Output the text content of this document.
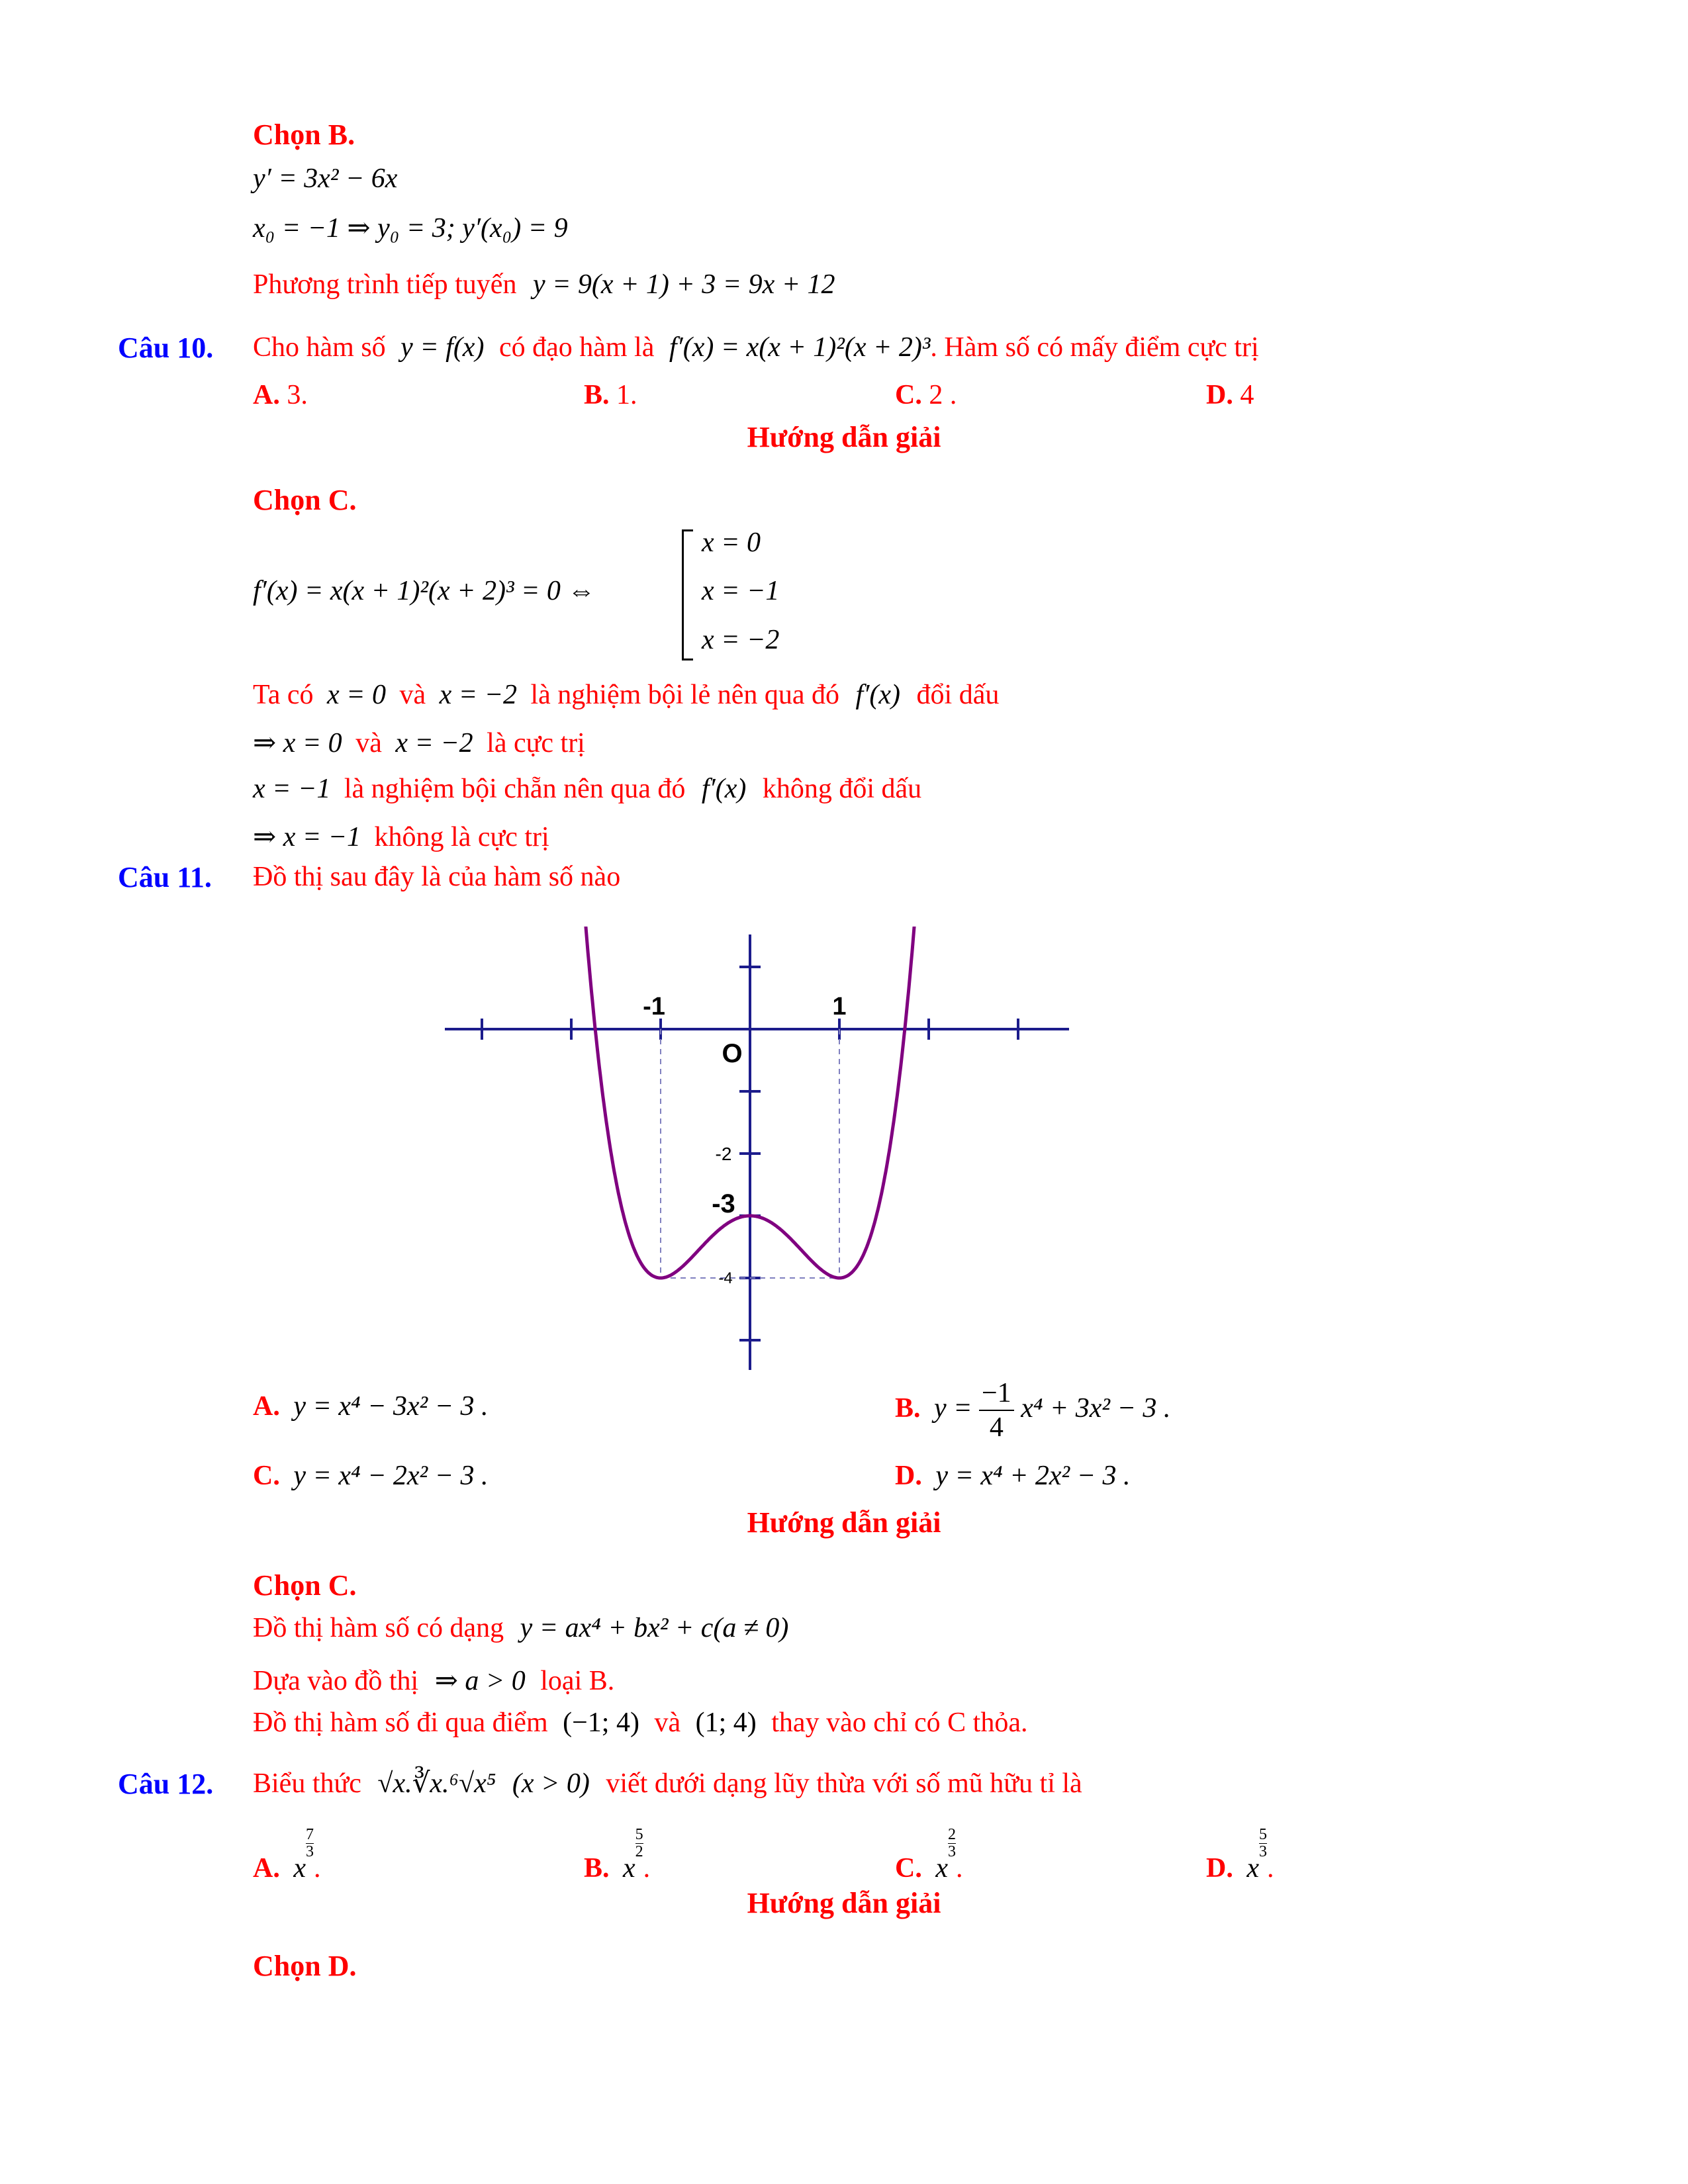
Chọn B.
y′ = 3x² − 6x
x₀ = −1 ⇒ y₀ = 3; y′(x₀) = 9
Phương trình tiếp tuyến y = 9(x + 1) + 3 = 9x + 12
Câu 10. Cho hàm số y = f(x) có đạo hàm là f′(x) = x(x + 1)²(x + 2)³. Hàm số có mấy điểm cực trị
A. 3.	B. 1.	C. 2 .	D. 4
Hướng dẫn giải
Chọn C.
f′(x) = x(x + 1)²(x + 2)³ = 0 ⇔
x = 0
x = −1
x = −2
Ta có x = 0 và x = −2 là nghiệm bội lẻ nên qua đó f′(x) đổi dấu
⇒ x = 0 và x = −2 là cực trị
x = −1 là nghiệm bội chẵn nên qua đó f′(x) không đổi dấu
⇒ x = −1 không là cực trị
Câu 11. Đồ thị sau đây là của hàm số nào
-1	1
O
-2
-3
-4
A. y = x⁴ − 3x² − 3 .	B. $y = \frac{-1}{4} x^4 + 3x^2 - 3$ .
C. y = x⁴ − 2x² − 3 .	D. y = x⁴ + 2x² − 3 .
Hướng dẫn giải
Chọn C.
Đồ thị hàm số có dạng y = ax⁴ + bx² + c(a ≠ 0)
Dựa vào đồ thị ⇒ a > 0 loại B.
Đồ thị hàm số đi qua điểm (−1; 4) và (1; 4) thay vào chỉ có C thỏa.
Câu 12. Biểu thức √x.∛x.⁶√x⁵ (x > 0) viết dưới dạng lũy thừa với số mũ hữu tỉ là
A. x
$\frac{7}{3}$
.	B. x
$\frac{5}{2}$
.	C. x
$\frac{2}{3}$
.	D. x
$\frac{5}{3}$
.
Hướng dẫn giải
Chọn D.
